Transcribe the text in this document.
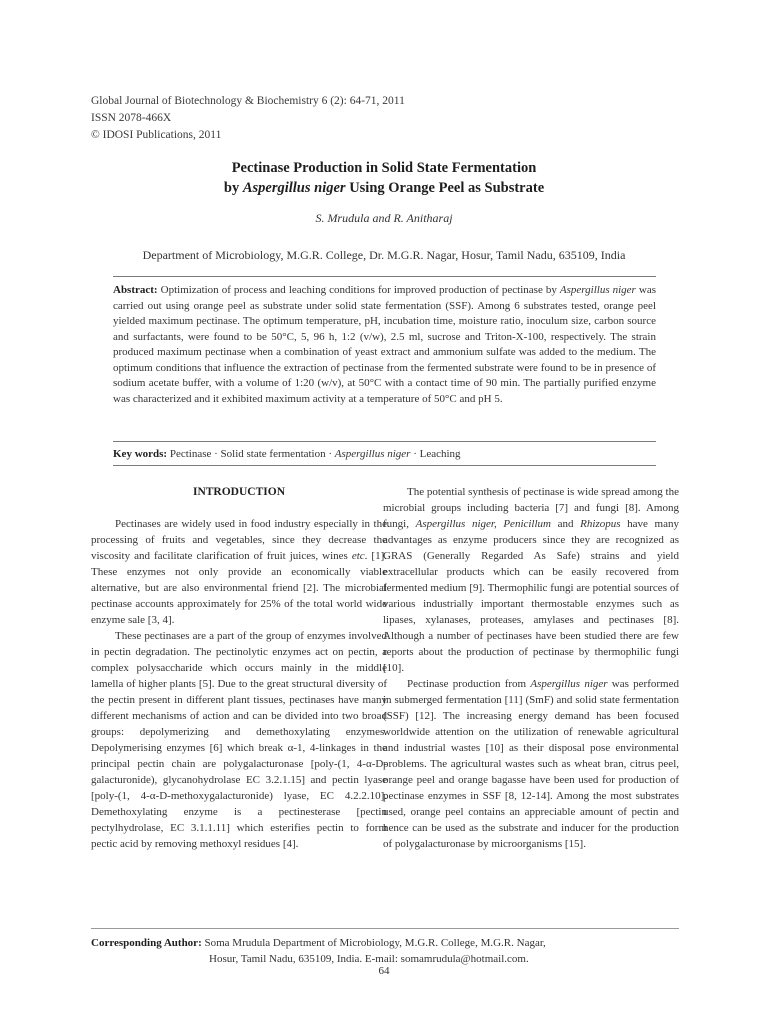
Global Journal of Biotechnology & Biochemistry 6 (2): 64-71, 2011
ISSN 2078-466X
© IDOSI Publications, 2011
Pectinase Production in Solid State Fermentation
by Aspergillus niger Using Orange Peel as Substrate
S. Mrudula and R. Anitharaj
Department of Microbiology, M.G.R. College, Dr. M.G.R. Nagar, Hosur, Tamil Nadu, 635109, India
Abstract: Optimization of process and leaching conditions for improved production of pectinase by Aspergillus niger was carried out using orange peel as substrate under solid state fermentation (SSF). Among 6 substrates tested, orange peel yielded maximum pectinase. The optimum temperature, pH, incubation time, moisture ratio, inoculum size, carbon source and surfactants, were found to be 50°C, 5, 96 h, 1:2 (v/w), 2.5 ml, sucrose and Triton-X-100, respectively. The strain produced maximum pectinase when a combination of yeast extract and ammonium sulfate was added to the medium. The optimum conditions that influence the extraction of pectinase from the fermented substrate were found to be in presence of sodium acetate buffer, with a volume of 1:20 (w/v), at 50°C with a contact time of 90 min. The partially purified enzyme was characterized and it exhibited maximum activity at a temperature of 50°C and pH 5.
Key words: Pectinase · Solid state fermentation · Aspergillus niger · Leaching
INTRODUCTION

Pectinases are widely used in food industry especially in the processing of fruits and vegetables, since they decrease the viscosity and facilitate clarification of fruit juices, wines etc. [1]. These enzymes not only provide an economically viable alternative, but are also environmental friend [2]. The microbial pectinase accounts approximately for 25% of the total world wide enzyme sale [3, 4].

These pectinases are a part of the group of enzymes involved in pectin degradation. The pectinolytic enzymes act on pectin, a complex polysaccharide which occurs mainly in the middle lamella of higher plants [5]. Due to the great structural diversity of the pectin present in different plant tissues, pectinases have many different mechanisms of action and can be divided into two broad groups: depolymerizing and demethoxylating enzymes. Depolymerising enzymes [6] which break α-1, 4-linkages in the principal pectin chain are polygalacturonase [poly-(1, 4-α-D-galacturonide), glycanohydrolase EC 3.2.1.15] and pectin lyase [poly-(1, 4-α-D-methoxygalacturonide) lyase, EC 4.2.2.10]. Demethoxylating enzyme is a pectinesterase [pectin pectylhydrolase, EC 3.1.1.11] which esterifies pectin to form pectic acid by removing methoxyl residues [4].

The potential synthesis of pectinase is wide spread among the microbial groups including bacteria [7] and fungi [8]. Among fungi, Aspergillus niger, Penicillum and Rhizopus have many advantages as enzyme producers since they are recognized as GRAS (Generally Regarded As Safe) strains and yield extracellular products which can be easily recovered from fermented medium [9]. Thermophilic fungi are potential sources of various industrially important thermostable enzymes such as lipases, xylanases, proteases, amylases and pectinases [8]. Although a number of pectinases have been studied there are few reports about the production of pectinase by thermophilic fungi [10].

Pectinase production from Aspergillus niger was performed in submerged fermentation [11] (SmF) and solid state fermentation (SSF) [12]. The increasing energy demand has been focused worldwide attention on the utilization of renewable agricultural and industrial wastes [10] as their disposal pose environmental problems. The agricultural wastes such as wheat bran, citrus peel, orange peel and orange bagasse have been used for production of pectinase enzymes in SSF [8, 12-14]. Among the most substrates used, orange peel contains an appreciable amount of pectin and hence can be used as the substrate and inducer for the production of polygalacturonase by microorganisms [15].

Corresponding Author: Soma Mrudula Department of Microbiology, M.G.R. College, M.G.R. Nagar,
Hosur, Tamil Nadu, 635109, India. E-mail: somamrudula@hotmail.com.
64
